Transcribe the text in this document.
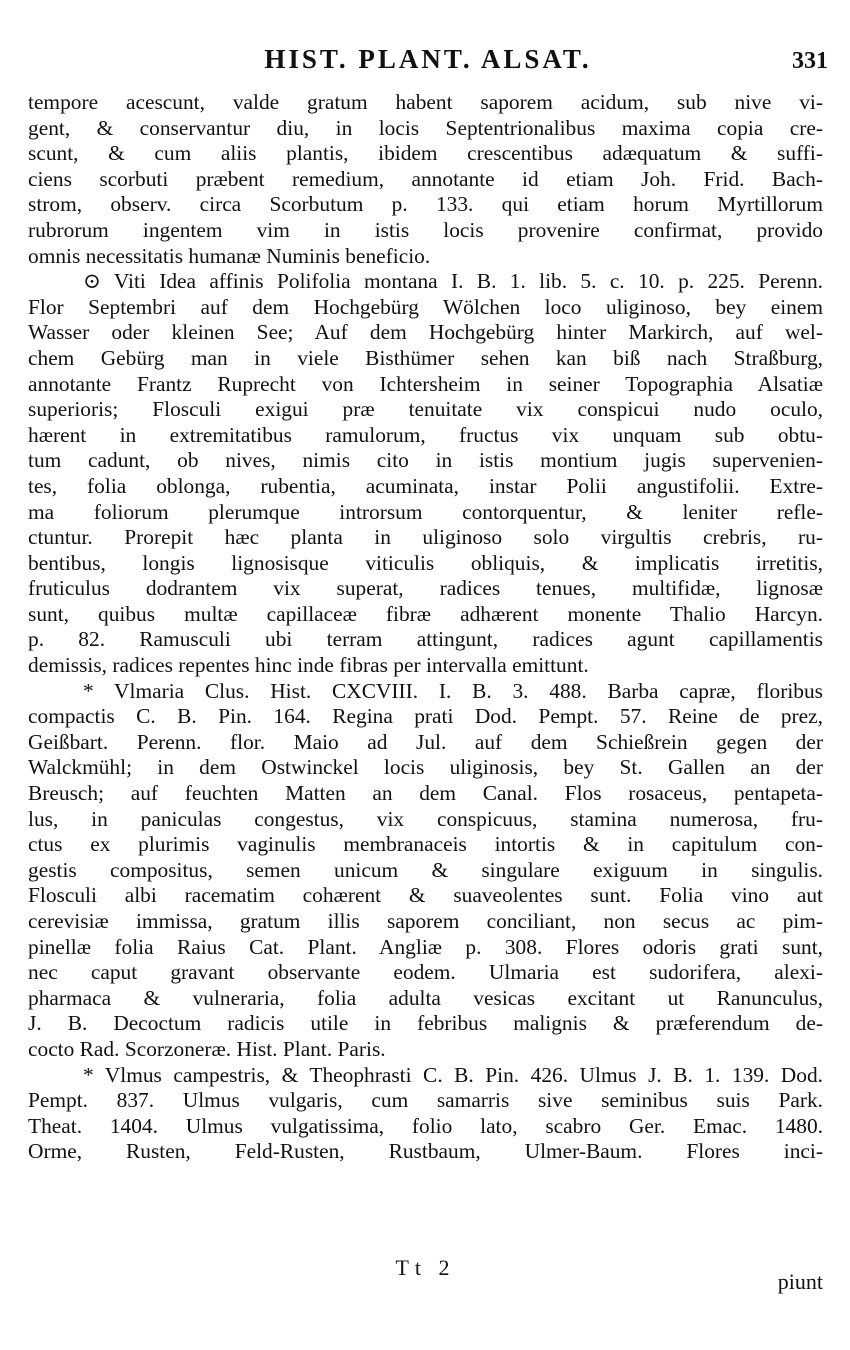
HIST. PLANT. ALSAT.	331
tempore acescunt, valde gratum habent saporem acidum, sub nive vi-
gent, & conservantur diu, in locis Septentrionalibus maxima copia cre-
scunt, & cum aliis plantis, ibidem crescentibus adæquatum & suffi-
ciens scorbuti præbent remedium, annotante id etiam Joh. Frid. Bach-
strom, observ. circa Scorbutum p. 133. qui etiam horum Myrtillorum
rubrorum ingentem vim in istis locis provenire confirmat, provido
omnis necessitatis humanæ Numinis beneficio.
⊙ Viti Idea affinis Polifolia montana I. B. 1. lib. 5. c. 10. p. 225. Perenn.
Flor Septembri auf dem Hochgebürg Wölchen loco uliginoso, bey einem
Wasser oder kleinen See; Auf dem Hochgebürg hinter Markirch, auf wel-
chem Gebürg man in viele Bisthümer sehen kan biß nach Straßburg,
annotante Frantz Ruprecht von Ichtersheim in seiner Topographia Alsatiæ
superioris; Flosculi exigui præ tenuitate vix conspicui nudo oculo,
hærent in extremitatibus ramulorum, fructus vix unquam sub obtu-
tum cadunt, ob nives, nimis cito in istis montium jugis supervenien-
tes, folia oblonga, rubentia, acuminata, instar Polii angustifolii. Extre-
ma foliorum plerumque introrsum contorquentur, & leniter refle-
ctuntur. Prorepit hæc planta in uliginoso solo virgultis crebris, ru-
bentibus, longis lignosisque viticulis obliquis, & implicatis irretitis,
fruticulus dodrantem vix superat, radices tenues, multifidæ, lignosæ
sunt, quibus multæ capillaceæ fibræ adhærent monente Thalio Harcyn.
p. 82. Ramusculi ubi terram attingunt, radices agunt capillamentis
demissis, radices repentes hinc inde fibras per intervalla emittunt.
* Vlmaria Clus. Hist. CXCVIII. I. B. 3. 488. Barba capræ, floribus
compactis C. B. Pin. 164. Regina prati Dod. Pempt. 57. Reine de prez,
Geißbart. Perenn. flor. Maio ad Jul. auf dem Schießrein gegen der
Walckmühl; in dem Ostwinckel locis uliginosis, bey St. Gallen an der
Breusch; auf feuchten Matten an dem Canal. Flos rosaceus, pentapeta-
lus, in paniculas congestus, vix conspicuus, stamina numerosa, fru-
ctus ex plurimis vaginulis membranaceis intortis & in capitulum con-
gestis compositus, semen unicum & singulare exiguum in singulis.
Flosculi albi racematim cohærent & suaveolentes sunt. Folia vino aut
cerevisiæ immissa, gratum illis saporem conciliant, non secus ac pim-
pinellæ folia Raius Cat. Plant. Angliæ p. 308. Flores odoris grati sunt,
nec caput gravant observante eodem. Ulmaria est sudorifera, alexi-
pharmaca & vulneraria, folia adulta vesicas excitant ut Ranunculus,
J. B. Decoctum radicis utile in febribus malignis & præferendum de-
cocto Rad. Scorzoneræ. Hist. Plant. Paris.
* Vlmus campestris, & Theophrasti C. B. Pin. 426. Ulmus J. B. 1. 139. Dod.
Pempt. 837. Ulmus vulgaris, cum samarris sive seminibus suis Park.
Theat. 1404. Ulmus vulgatissima, folio lato, scabro Ger. Emac. 1480.
Orme, Rusten, Feld-Rusten, Rustbaum, Ulmer-Baum. Flores inci-
Tt 2
piunt
